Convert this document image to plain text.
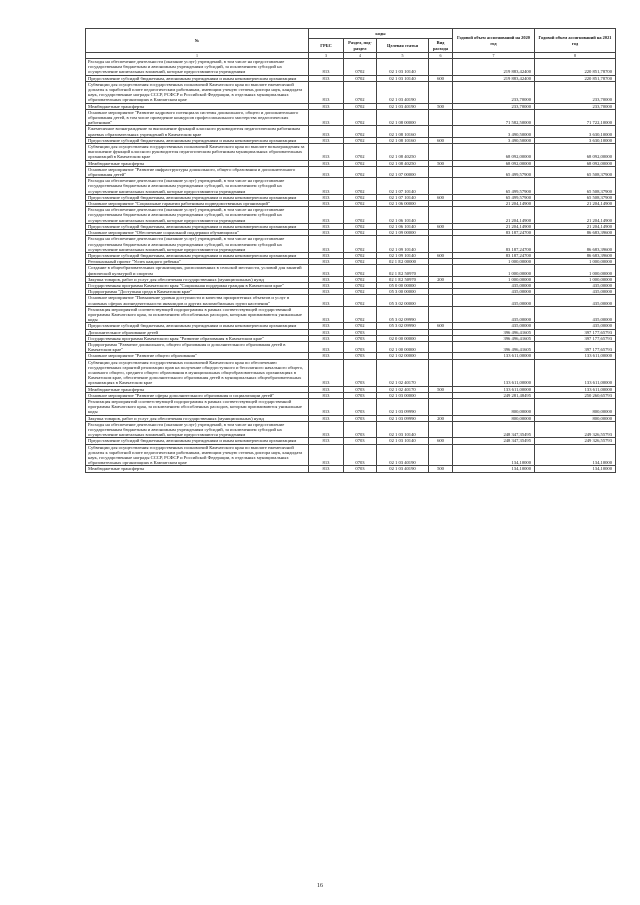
№	коды				Годовой объем ассигнований на 2020 год	Годовой объем ассигнований на 2021 год
	ГРБС	Раздел, под-раздел	Целевая статья	Вид расхода		
1	3	4	5	6	7	8
Расходы на обеспечение деятельности (оказание услуг) учреждений, в том числе на предоставление государственным бюджетным и автономным учреждениям субсидий, за исключением субсидий на осуществление капитальных вложений, которые предоставляются учреждениям	813	0702	02 1 03 10140		219 883,42400	220 851,78700
Предоставление субсидий бюджетным, автономным учреждениям и иным некоммерческим организациям	813	0702	02 1 03 10140	600	219 883,42400	220 851,78700
Субвенции для осуществления государственных полномочий Камчатского края по выплате ежемесячной доплаты к заработной плате педагогическим работникам, имеющим ученую степень доктора наук, кандидата наук, государственные награды СССР, РСФСР и Российской Федерации, в отдельных муниципальных образовательных организациях в Камчатском крае	813	0702	02 1 03 40190		233,70000	233,70000
Межбюджетные трансферты	813	0702	02 1 03 40190	500	233,70000	233,70000
Основное мероприятие "Развитие кадрового потенциала системы дошкольного, общего и дополнительного образования детей, в том числе проведение конкурсов профессионального мастерства педагогических работников"	813	0702	02 1 08 00000		71 582,50000	71 722,10000
Ежемесячное вознаграждение за выполнение функций классного руководителя педагогическим работникам краевых образовательных учреждений в Камчатском крае	813	0702	02 1 08 10160		3 490,50000	3 630,10000
Предоставление субсидий бюджетным, автономным учреждениям и иным некоммерческим организациям	813	0702	02 1 08 10160	600	3 490,50000	3 630,10000
Субвенции для осуществления государственных полномочий Камчатского края по выплате вознаграждения за выполнение функций классного руководителя педагогическим работникам муниципальных образовательных организаций в Камчатском крае	813	0702	02 1 08 40250		68 092,00000	68 092,00000
Межбюджетные трансферты	813	0702	02 1 08 40250	500	68 092,00000	68 092,00000
Основное мероприятие "Развитие инфраструктуры дошкольного, общего образования и дополнительного образования детей"	813	0702	02 1 07 00000		65 499,57900	65 508,37900
Расходы на обеспечение деятельности (оказание услуг) учреждений, в том числе на предоставление государственным бюджетным и автономным учреждениям субсидий, за исключением субсидий на осуществление капитальных вложений, которые предоставляются учреждениям	813	0702	02 1 07 10140		65 499,57900	65 508,37900
Предоставление субсидий бюджетным, автономным учреждениям и иным некоммерческим организациям	813	0702	02 1 07 10140	600	65 499,57900	65 508,37900
Основное мероприятие "Социальные гарантии работникам подведомственных организаций"	813	0702	02 1 06 00000		21 204,14900	21 204,14900
Расходы на обеспечение деятельности (оказание услуг) учреждений, в том числе на предоставление государственным бюджетным и автономным учреждениям субсидий, за исключением субсидий на осуществление капитальных вложений, которые предоставляются учреждениям	813	0702	02 1 06 10140		21 204,14900	21 204,14900
Предоставление субсидий бюджетным, автономным учреждениям и иным некоммерческим организациям	813	0702	02 1 06 10140	600	21 204,14900	21 204,14900
Основное мероприятие "Обеспечение социальной поддержки обучающихся"	813	0702	02 1 09 00000		83 187,24700	86 683,39600
Расходы на обеспечение деятельности (оказание услуг) учреждений, в том числе на предоставление государственным бюджетным и автономным учреждениям субсидий, за исключением субсидий на осуществление капитальных вложений, которые предоставляются учреждениям	813	0702	02 1 09 10140		83 187,24700	86 683,39600
Предоставление субсидий бюджетным, автономным учреждениям и иным некоммерческим организациям	813	0702	02 1 09 10140	600	83 187,24700	86 683,39600
Региональный проект "Успех каждого ребенка"	813	0702	02 1 E2 00000		1 000,00000	1 000,00000
Создание в общеобразовательных организациях, расположенных в сельской местности, условий для занятий физической культурой и спортом	813	0702	02 1 E2 50970		1 000,00000	1 000,00000
Закупка товаров, работ и услуг для обеспечения государственных (муниципальных) нужд	813	0702	02 1 E2 50970	200	1 000,00000	1 000,00000
Государственная программа Камчатского края "Социальная поддержка граждан в Камчатском крае"	813	0702	05 0 00 00000		435,00000	435,00000
Подпрограмма "Доступная среда в Камчатском крае"	813	0702	05 3 00 00000		435,00000	435,00000
Основное мероприятие "Повышение уровня доступности и качества приоритетных объектов и услуг в основных сферах жизнедеятельности инвалидов и других маломобильных групп населения"	813	0702	05 3 02 00000		435,00000	435,00000
Реализация мероприятий соответствующей подпрограммы в рамках соответствующей государственной программы Камчатского края, за исключением обособленных расходов, которым присваиваются уникальные коды	813	0702	05 3 02 09990		435,00000	435,00000
Предоставление субсидий бюджетным, автономным учреждениям и иным некоммерческим организациям	813	0702	05 3 02 09990	600	435,00000	435,00000
Дополнительное образование детей	813	0703			396 496,41605	397 177,65793
Государственная программа Камчатского края "Развитие образования в Камчатском крае"	813	0703	02 0 00 00000		396 496,41605	397 177,65793
Подпрограмма "Развитие дошкольного, общего образования и дополнительного образования детей в Камчатском крае"	813	0703	02 1 00 00000		396 496,41605	397 177,65793
Основное мероприятие "Развитие общего образования"	813	0703	02 1 02 00000		133 611,00000	133 611,00000
Субвенции для осуществления государственных полномочий Камчатского края по обеспечению государственных гарантий реализации прав на получение общедоступного и бесплатного начального общего, основного общего, среднего общего образования в муниципальных общеобразовательных организациях в Камчатском крае, обеспечение дополнительного образования детей в муниципальных общеобразовательных организациях в Камчатском крае	813	0703	02 1 02 40170		133 611,00000	133 611,00000
Межбюджетные трансферты	813	0703	02 1 02 40170	500	133 611,00000	133 611,00000
Основное мероприятие "Развитие сферы дополнительного образования и социализации детей"	813	0703	02 1 03 00000		249 281,48495	250 260,65793
Реализация мероприятий соответствующей подпрограммы в рамках соответствующей государственной программы Камчатского края, за исключением обособленных расходов, которым присваиваются уникальные коды	813	0703	02 1 03 09990		800,00000	800,00000
Закупка товаров, работ и услуг для обеспечения государственных (муниципальных) нужд	813	0703	02 1 03 09990	200	800,00000	800,00000
Расходы на обеспечение деятельности (оказание услуг) учреждений, в том числе на предоставление государственным бюджетным и автономным учреждениям субсидий, за исключением субсидий на осуществление капитальных вложений, которые предоставляются учреждениям	813	0703	02 1 03 10140		248 347,35495	249 326,55793
Предоставление субсидий бюджетным, автономным учреждениям и иным некоммерческим организациям	813	0703	02 1 03 10140	600	248 347,35495	249 326,55793
Субвенции для осуществления государственных полномочий Камчатского края по выплате ежемесячной доплаты к заработной плате педагогическим работникам, имеющим ученую степень доктора наук, кандидата наук, государственные награды СССР, РСФСР и Российской Федерации, в отдельных муниципальных образовательных организациях в Камчатском крае	813	0703	02 1 03 40190		134,10000	134,10000
Межбюджетные трансферты	813	0703	02 1 03 40190	500	134,10000	134,10000
16
